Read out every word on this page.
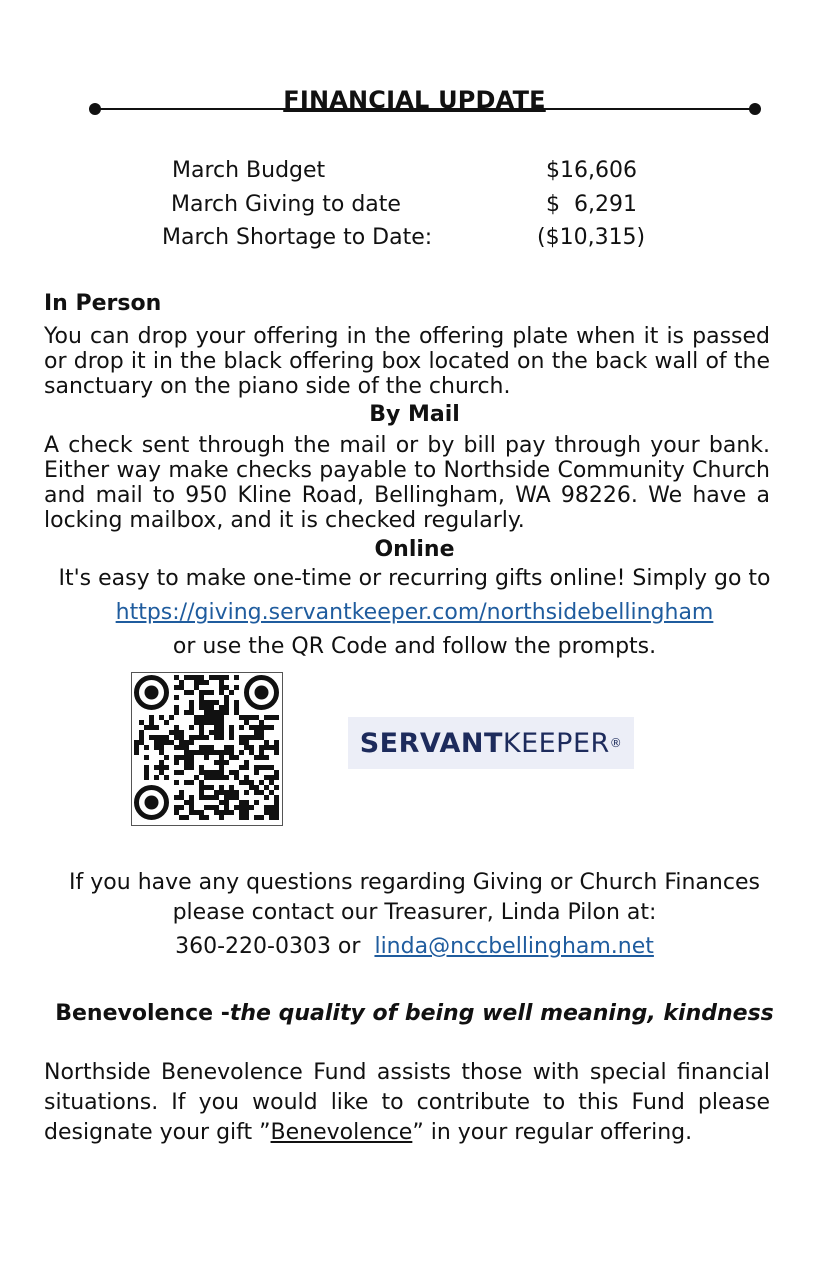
FINANCIAL UPDATE
March Budget	$16,606
March Giving to date	$  6,291
March Shortage to Date:	($10,315)
In Person
You can drop your offering in the offering plate when it is passed or drop it in the black offering box located on the back wall of the sanctuary on the piano side of the church.
By Mail
A check sent through the mail or by bill pay through your bank. Either way make checks payable to Northside Community Church and mail to 950 Kline Road, Bellingham, WA 98226. We have a locking mailbox, and it is checked regularly.
Online
It's easy to make one-time or recurring gifts online! Simply go to
https://giving.servantkeeper.com/northsidebellingham
or use the QR Code and follow the prompts.
SERVANT KEEPER ®
If you have any questions regarding Giving or Church Finances
please contact our Treasurer, Linda Pilon at:
360-220-0303 or linda@nccbellingham.net
Benevolence -the quality of being well meaning, kindness
Northside Benevolence Fund assists those with special financial situations. If you would like to contribute to this Fund please designate your gift ”Benevolence” in your regular offering.
